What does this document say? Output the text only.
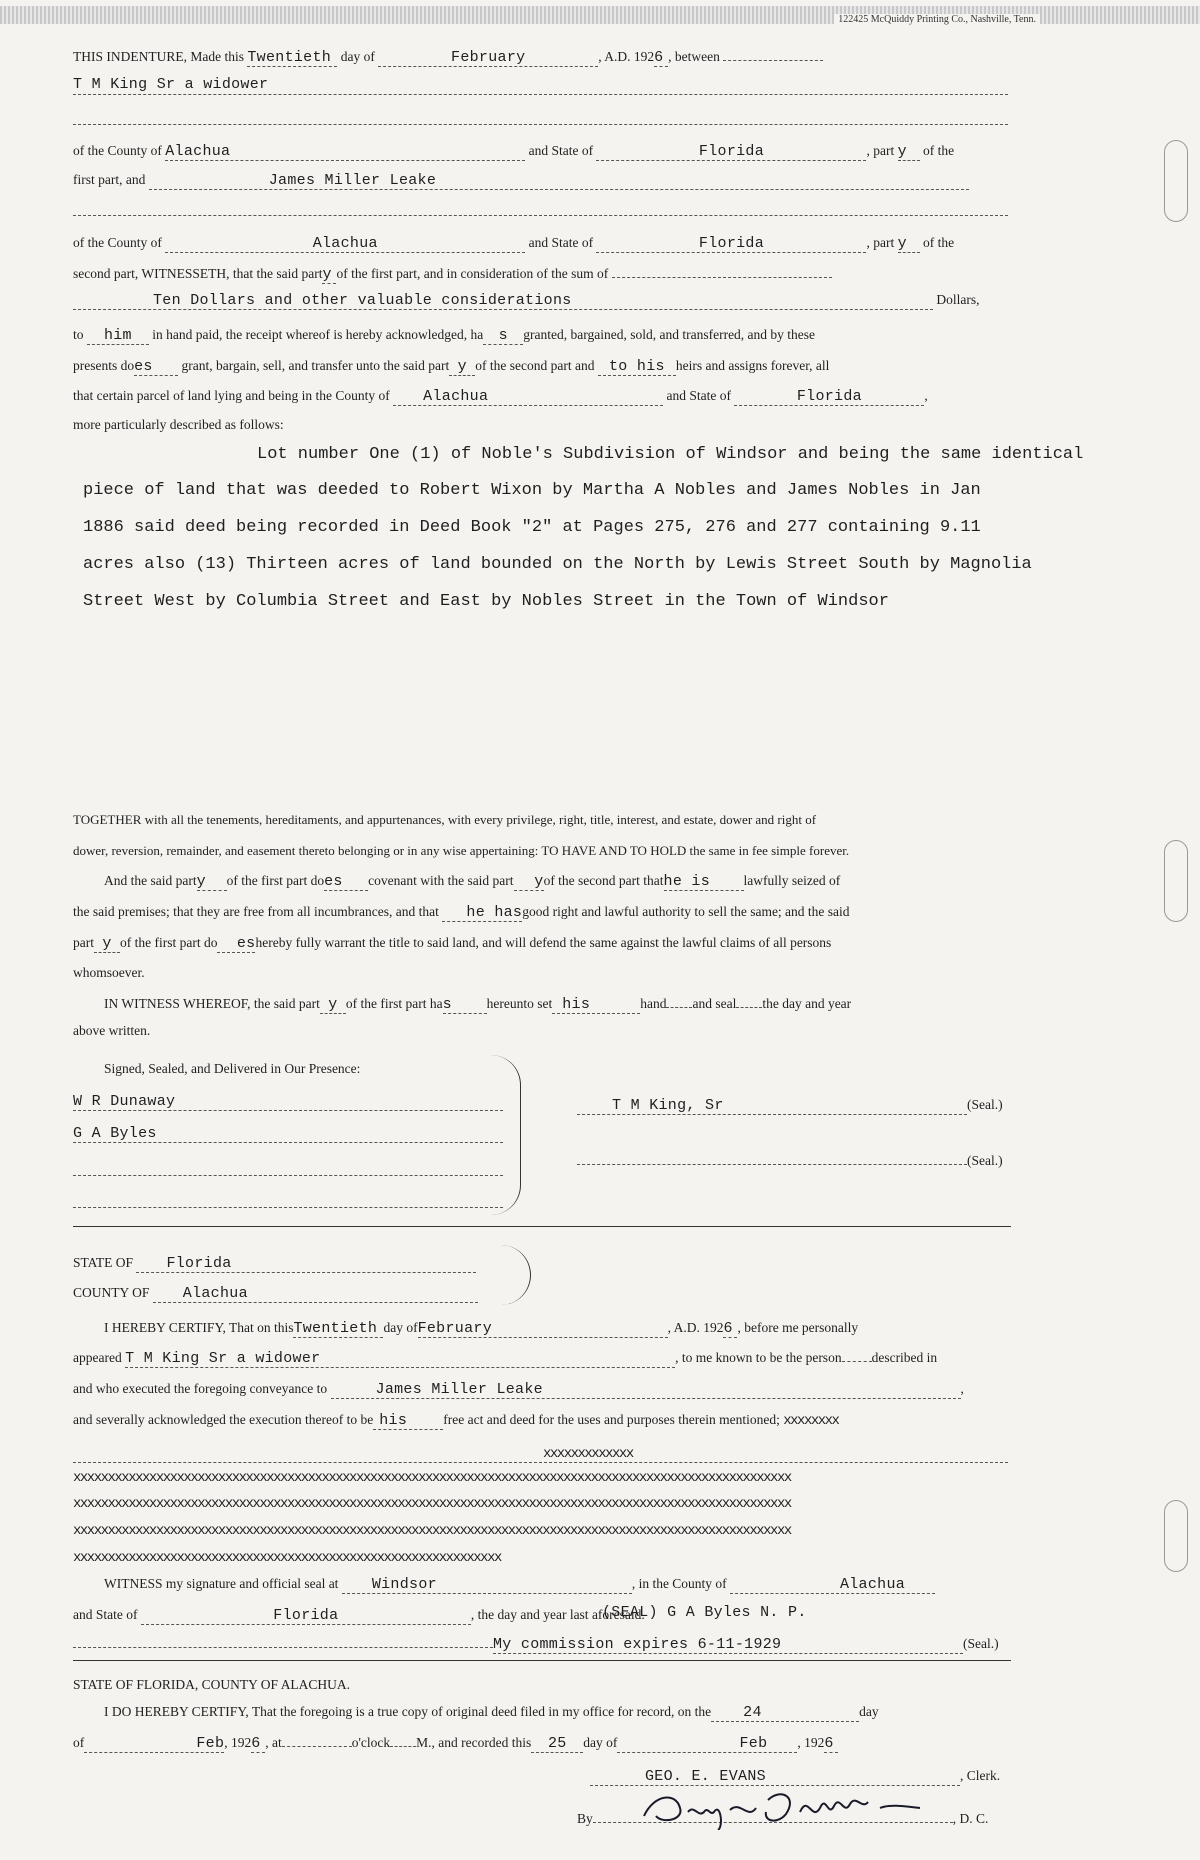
122425 McQuiddy Printing Co., Nashville, Tenn.
THIS INDENTURE, Made this Twentieth day of	February	, A.D. 1926 , between
T M King Sr a widower
of the County of Alachua	and State of	Florida	, part y of the
first part, and	James Miller Leake
of the County of	Alachua	and State of	Florida	, part y of the
second part, WITNESSETH, that the said party of the first part, and in consideration of the sum of
Ten Dollars and other valuable considerations	Dollars,
to him in hand paid, the receipt whereof is hereby acknowledged, ha s granted, bargained, sold, and transferred, and by these
presents does grant, bargain, sell, and transfer unto the said part y of the second part and to his heirs and assigns forever, all
that certain parcel of land lying and being in the County of Alachua	and State of	Florida	,
more particularly described as follows:
Lot number One (1) of Noble's Subdivision of Windsor and being the same identical
piece of land that was deeded to Robert Wixon by Martha A Nobles and James Nobles in Jan
1886 said deed being recorded in Deed Book "2" at Pages 275, 276 and 277 containing 9.11
acres also (13) Thirteen acres of land bounded on the North by Lewis Street South by Magnolia
Street West by Columbia Street and East by Nobles Street in the Town of Windsor
TOGETHER with all the tenements, hereditaments, and appurtenances, with every privilege, right, title, interest, and estate, dower and right of
dower, reversion, remainder, and easement thereto belonging or in any wise appertaining: TO HAVE AND TO HOLD the same in fee simple forever.
And the said party of the first part does covenant with the said part yof the second part thathe is lawfully seized of
the said premises; that they are free from all incumbrances, and that he hasgood right and lawful authority to sell the same; and the said
part y of the first part do eshereby fully warrant the title to said land, and will defend the same against the lawful claims of all persons
whomsoever.
IN WITNESS WHEREOF, the said part y of the first part has	hereunto set his	hand and seal the day and year
above written.
Signed, Sealed, and Delivered in Our Presence:
W R Dunaway
G A Byles
T M King, Sr	(Seal.)
(Seal.)
STATE OF Florida
COUNTY OF Alachua
I HEREBY CERTIFY, That on thisTwentieth day ofFebruary	, A.D. 1926 , before me personally
appeared T M King Sr a widower	, to me known to be the person described in
and who executed the foregoing conveyance to	James Miller Leake	,
and severally acknowledged the execution thereof to be his	free act and deed for the uses and purposes therein mentioned; xxxxxxxx
xxxxxxxxxxxxx
xxxxxxxxxxxxxxxxxxxxxxxxxxxxxxxxxxxxxxxxxxxxxxxxxxxxxxxxxxxxxxxxxxxxxxxxxxxxxxxxxxxxxxxxxxxxxxxxxxxxxxxx
xxxxxxxxxxxxxxxxxxxxxxxxxxxxxxxxxxxxxxxxxxxxxxxxxxxxxxxxxxxxxxxxxxxxxxxxxxxxxxxxxxxxxxxxxxxxxxxxxxxxxxxx
xxxxxxxxxxxxxxxxxxxxxxxxxxxxxxxxxxxxxxxxxxxxxxxxxxxxxxxxxxxxxxxxxxxxxxxxxxxxxxxxxxxxxxxxxxxxxxxxxxxxxxxx
xxxxxxxxxxxxxxxxxxxxxxxxxxxxxxxxxxxxxxxxxxxxxxxxxxxxxxxxxxxxxx
WITNESS my signature and official seal at Windsor	, in the County of	Alachua
and State of	Florida	, the day and year last aforesaid.
(SEAL) G A Byles N. P.
My commission expires 6-11-1929	(Seal.)
STATE OF FLORIDA, COUNTY OF ALACHUA.
I DO HEREBY CERTIFY, That the foregoing is a true copy of original deed filed in my office for record, on the 24	day
of	Feb, 1926 , at	o'clock M., and recorded this 25 day of	Feb , 1926
GEO. E. EVANS	, Clerk.
By	, D. C.
